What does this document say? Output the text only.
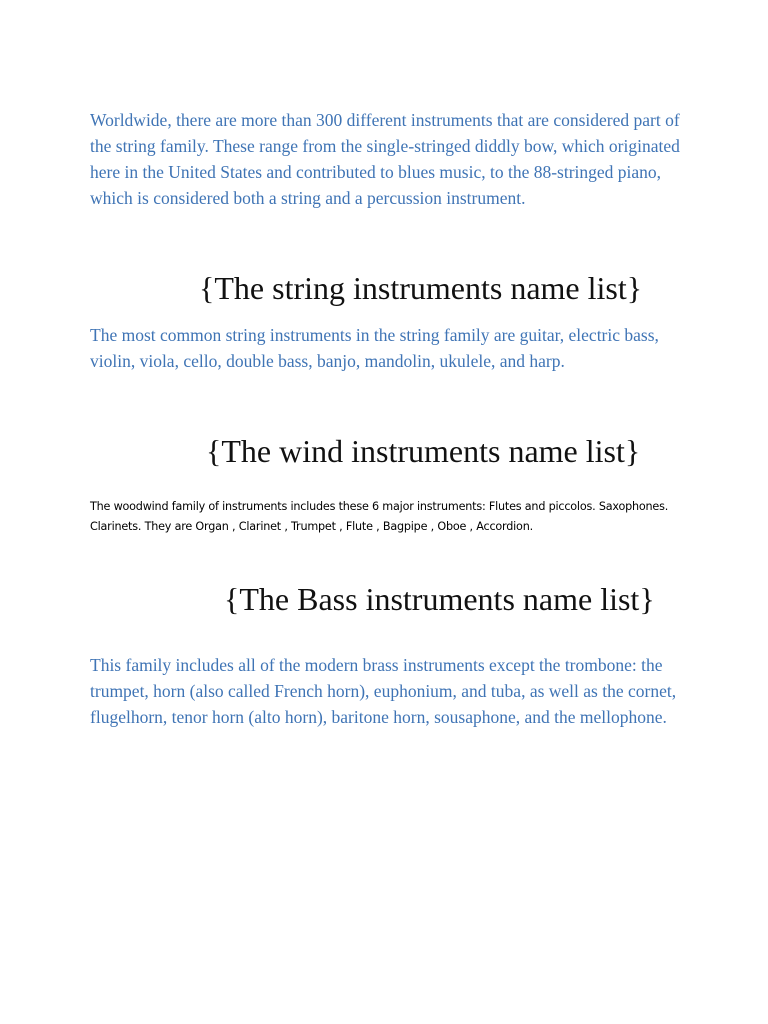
Worldwide, there are more than 300 different instruments that are considered part of the string family. These range from the single-stringed diddly bow, which originated here in the United States and contributed to blues music, to the 88-stringed piano, which is considered both a string and a percussion instrument.

{The string instruments name list}

The most common string instruments in the string family are guitar, electric bass, violin, viola, cello, double bass, banjo, mandolin, ukulele, and harp.

{The wind instruments name list}

The woodwind family of instruments includes these 6 major instruments: Flutes and piccolos. Saxophones. Clarinets. They are Organ , Clarinet , Trumpet , Flute , Bagpipe , Oboe , Accordion.

{The Bass instruments name list}

This family includes all of the modern brass instruments except the trombone: the trumpet, horn (also called French horn), euphonium, and tuba, as well as the cornet, flugelhorn, tenor horn (alto horn), baritone horn, sousaphone, and the mellophone.
